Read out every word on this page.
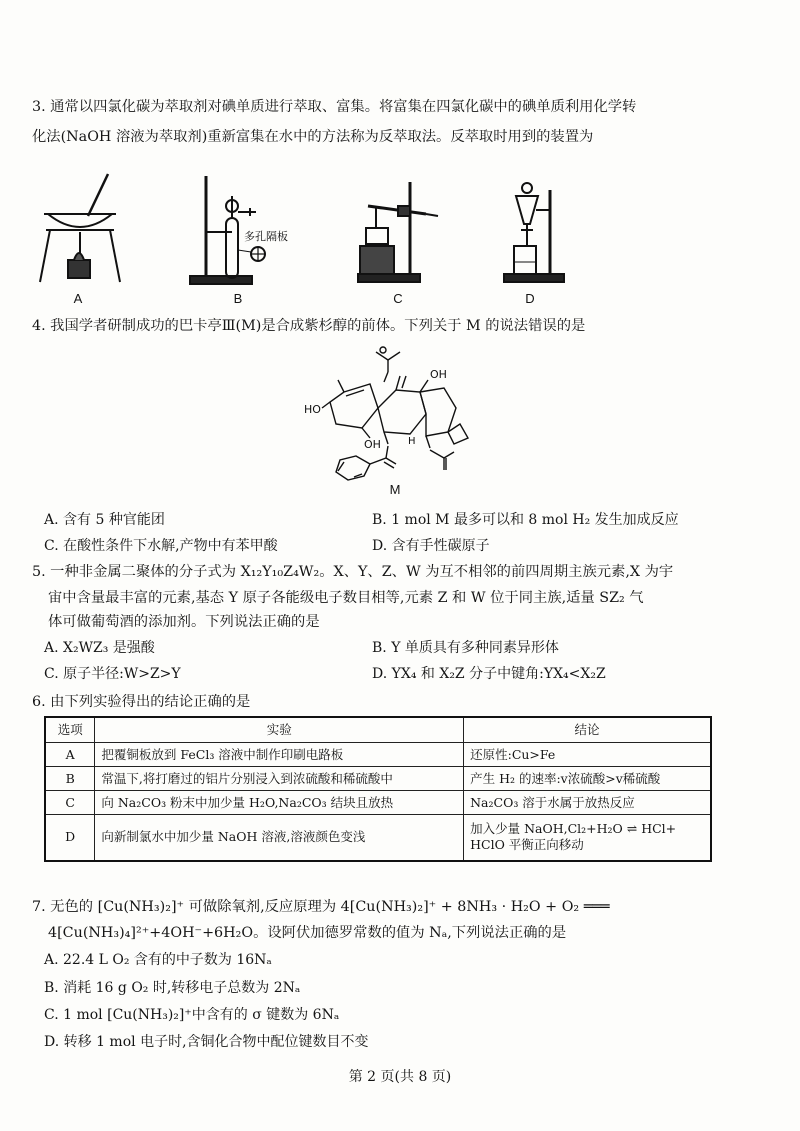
3. 通常以四氯化碳为萃取剂对碘单质进行萃取、富集。将富集在四氯化碳中的碘单质利用化学转
化法(NaOH 溶液为萃取剂)重新富集在水中的方法称为反萃取法。反萃取时用到的装置为
多孔隔板
A	B	C	D
4. 我国学者研制成功的巴卡亭Ⅲ(M)是合成紫杉醇的前体。下列关于 M 的说法错误的是
OH
HO
OH	H
M
A. 含有 5 种官能团	B. 1 mol M 最多可以和 8 mol H₂ 发生加成反应
C. 在酸性条件下水解,产物中有苯甲酸	D. 含有手性碳原子
5. 一种非金属二聚体的分子式为 X₁₂Y₁₀Z₄W₂。X、Y、Z、W 为互不相邻的前四周期主族元素,X 为宇
宙中含量最丰富的元素,基态 Y 原子各能级电子数目相等,元素 Z 和 W 位于同主族,适量 SZ₂ 气
体可做葡萄酒的添加剂。下列说法正确的是
A. X₂WZ₃ 是强酸	B. Y 单质具有多种同素异形体
C. 原子半径:W>Z>Y	D. YX₄ 和 X₂Z 分子中键角:YX₄<X₂Z
6. 由下列实验得出的结论正确的是
选项	实验	结论
A	把覆铜板放到 FeCl₃ 溶液中制作印刷电路板	还原性:Cu>Fe
B	常温下,将打磨过的铝片分别浸入到浓硫酸和稀硫酸中	产生 H₂ 的速率:v浓硫酸>v稀硫酸
C	向 Na₂CO₃ 粉末中加少量 H₂O,Na₂CO₃ 结块且放热	Na₂CO₃ 溶于水属于放热反应
D	向新制氯水中加少量 NaOH 溶液,溶液颜色变浅	加入少量 NaOH,Cl₂+H₂O ⇌ HCl+
HClO 平衡正向移动
7. 无色的 [Cu(NH₃)₂]⁺ 可做除氧剂,反应原理为 4[Cu(NH₃)₂]⁺ + 8NH₃ · H₂O + O₂ ═══
4[Cu(NH₃)₄]²⁺+4OH⁻+6H₂O。设阿伏加德罗常数的值为 Nₐ,下列说法正确的是
A. 22.4 L O₂ 含有的中子数为 16Nₐ
B. 消耗 16 g O₂ 时,转移电子总数为 2Nₐ
C. 1 mol [Cu(NH₃)₂]⁺中含有的 σ 键数为 6Nₐ
D. 转移 1 mol 电子时,含铜化合物中配位键数目不变
第 2 页(共 8 页)
